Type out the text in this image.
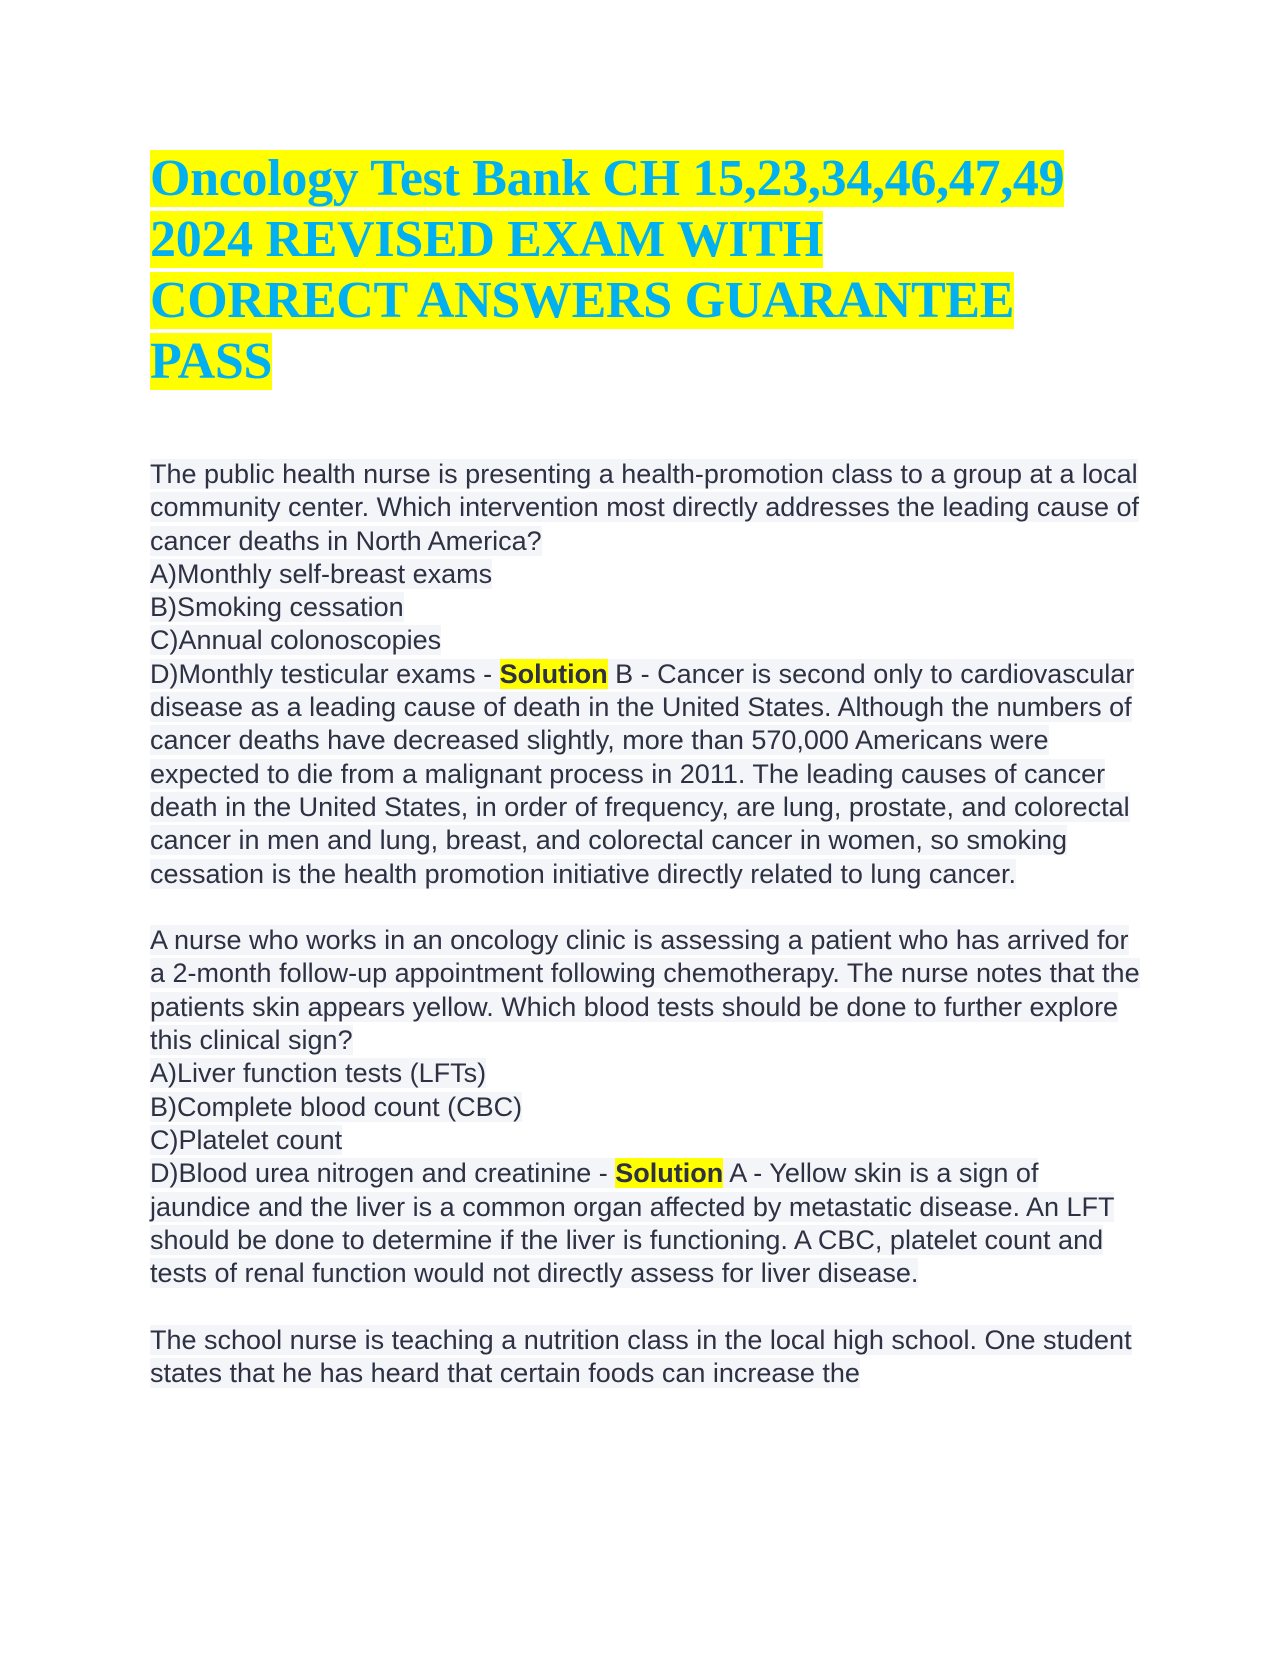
Oncology Test Bank CH 15,23,34,46,47,49
2024 REVISED EXAM WITH
CORRECT ANSWERS GUARANTEE
PASS
The public health nurse is presenting a health-promotion class to a group at a local community center. Which intervention most directly addresses the leading cause of cancer deaths in North America?
A)Monthly self-breast exams
B)Smoking cessation
C)Annual colonoscopies
D)Monthly testicular exams - Solution B - Cancer is second only to cardiovascular disease as a leading cause of death in the United States. Although the numbers of cancer deaths have decreased slightly, more than 570,000 Americans were expected to die from a malignant process in 2011. The leading causes of cancer death in the United States, in order of frequency, are lung, prostate, and colorectal cancer in men and lung, breast, and colorectal cancer in women, so smoking cessation is the health promotion initiative directly related to lung cancer.
A nurse who works in an oncology clinic is assessing a patient who has arrived for a 2-month follow-up appointment following chemotherapy. The nurse notes that the patients skin appears yellow. Which blood tests should be done to further explore this clinical sign?
A)Liver function tests (LFTs)
B)Complete blood count (CBC)
C)Platelet count
D)Blood urea nitrogen and creatinine - Solution A - Yellow skin is a sign of jaundice and the liver is a common organ affected by metastatic disease. An LFT should be done to determine if the liver is functioning. A CBC, platelet count and tests of renal function would not directly assess for liver disease.
The school nurse is teaching a nutrition class in the local high school. One student states that he has heard that certain foods can increase the
